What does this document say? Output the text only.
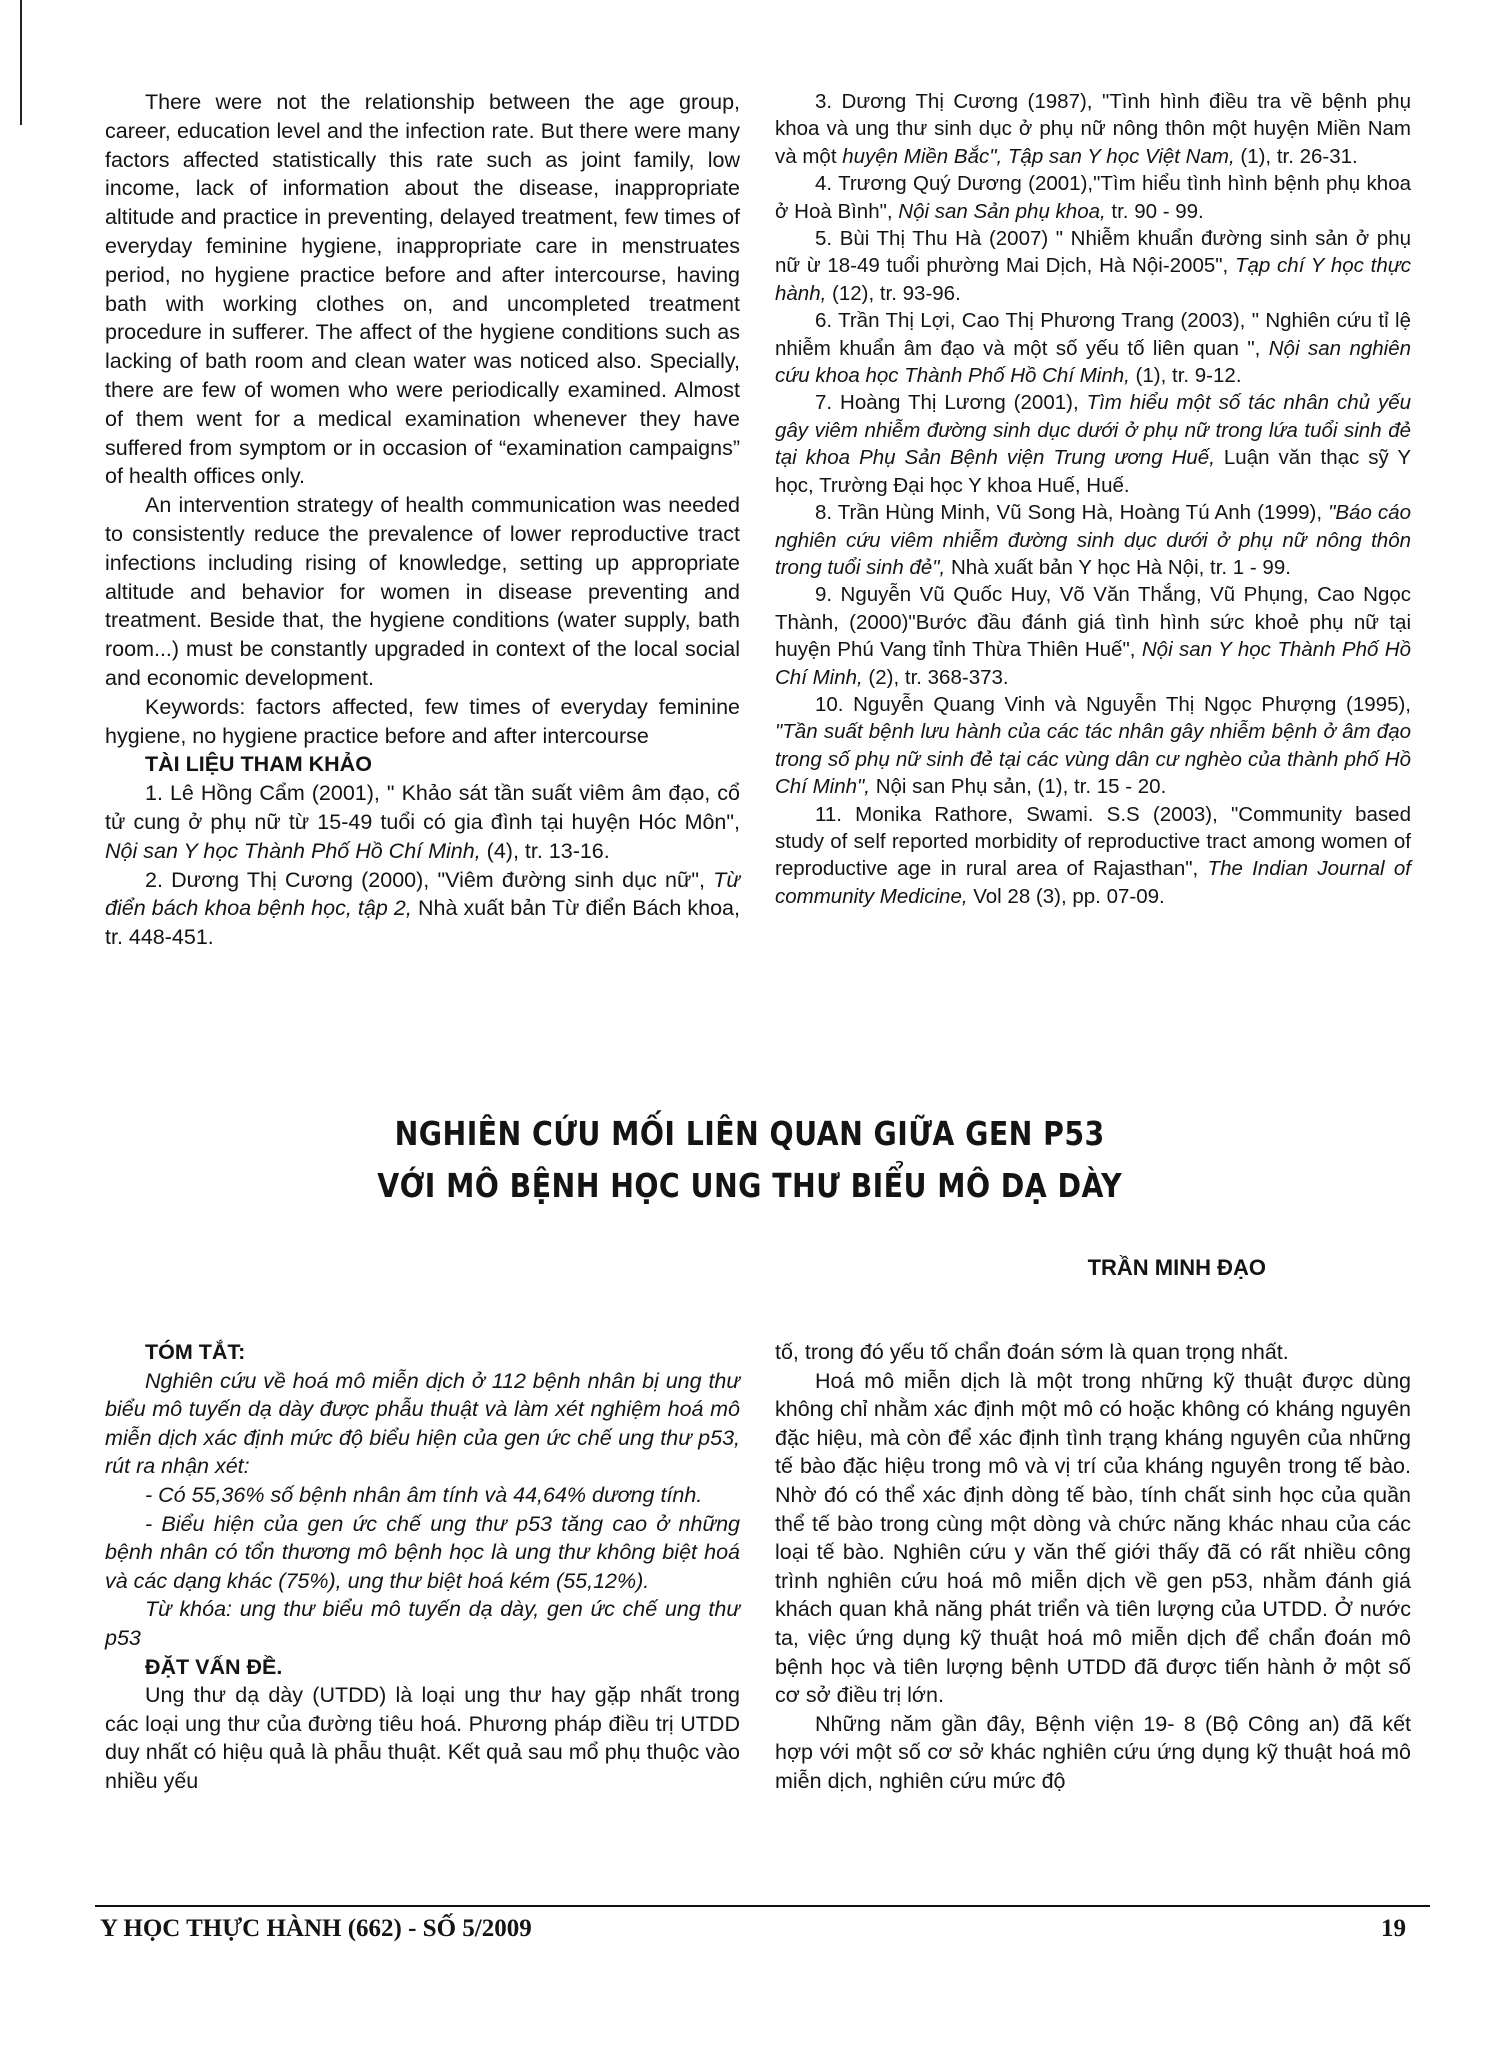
There were not the relationship between the age group, career, education level and the infection rate. But there were many factors affected statistically this rate such as joint family, low income, lack of information about the disease, inappropriate altitude and practice in preventing, delayed treatment, few times of everyday feminine hygiene, inappropriate care in menstruates period, no hygiene practice before and after intercourse, having bath with working clothes on, and uncompleted treatment procedure in sufferer. The affect of the hygiene conditions such as lacking of bath room and clean water was noticed also. Specially, there are few of women who were periodically examined. Almost of them went for a medical examination whenever they have suffered from symptom or in occasion of “examination campaigns” of health offices only.

An intervention strategy of health communication was needed to consistently reduce the prevalence of lower reproductive tract infections including rising of knowledge, setting up appropriate altitude and behavior for women in disease preventing and treatment. Beside that, the hygiene conditions (water supply, bath room...) must be constantly upgraded in context of the local social and economic development.

Keywords: factors affected, few times of everyday feminine hygiene, no hygiene practice before and after intercourse

TÀI LIỆU THAM KHẢO

1. Lê Hồng Cẩm (2001), " Khảo sát tần suất viêm âm đạo, cổ tử cung ở phụ nữ từ 15-49 tuổi có gia đình tại huyện Hóc Môn", Nội san Y học Thành Phố Hồ Chí Minh, (4), tr. 13-16.

2. Dương Thị Cương (2000), "Viêm đường sinh dục nữ", Từ điển bách khoa bệnh học, tập 2, Nhà xuất bản Từ điển Bách khoa, tr. 448-451.

3. Dương Thị Cương (1987), "Tình hình điều tra về bệnh phụ khoa và ung thư sinh dục ở phụ nữ nông thôn một huyện Miền Nam và một huyện Miền Bắc", Tập san Y học Việt Nam, (1), tr. 26-31.

4. Trương Quý Dương (2001),"Tìm hiểu tình hình bệnh phụ khoa ở Hoà Bình", Nội san Sản phụ khoa, tr. 90 - 99.

5. Bùi Thị Thu Hà (2007) " Nhiễm khuẩn đường sinh sản ở phụ nữ ừ 18-49 tuổi phường Mai Dịch, Hà Nội-2005", Tạp chí Y học thực hành, (12), tr. 93-96.

6. Trần Thị Lợi, Cao Thị Phương Trang (2003), " Nghiên cứu tỉ lệ nhiễm khuẩn âm đạo và một số yếu tố liên quan ", Nội san nghiên cứu khoa học Thành Phố Hồ Chí Minh, (1), tr. 9-12.

7. Hoàng Thị Lương (2001), Tìm hiểu một số tác nhân chủ yếu gây viêm nhiễm đường sinh dục dưới ở phụ nữ trong lứa tuổi sinh đẻ tại khoa Phụ Sản Bệnh viện Trung ương Huế, Luận văn thạc sỹ Y học, Trường Đại học Y khoa Huế, Huế.

8. Trần Hùng Minh, Vũ Song Hà, Hoàng Tú Anh (1999), "Báo cáo nghiên cứu viêm nhiễm đường sinh dục dưới ở phụ nữ nông thôn trong tuổi sinh đẻ", Nhà xuất bản Y học Hà Nội, tr. 1 - 99.

9. Nguyễn Vũ Quốc Huy, Võ Văn Thắng, Vũ Phụng, Cao Ngọc Thành, (2000)"Bước đầu đánh giá tình hình sức khoẻ phụ nữ tại huyện Phú Vang tỉnh Thừa Thiên Huế", Nội san Y học Thành Phố Hồ Chí Minh, (2), tr. 368-373.

10. Nguyễn Quang Vinh và Nguyễn Thị Ngọc Phượng (1995), "Tần suất bệnh lưu hành của các tác nhân gây nhiễm bệnh ở âm đạo trong số phụ nữ sinh đẻ tại các vùng dân cư nghèo của thành phố Hồ Chí Minh", Nội san Phụ sản, (1), tr. 15 - 20.

11. Monika Rathore, Swami. S.S (2003), "Community based study of self reported morbidity of reproductive tract among women of reproductive age in rural area of Rajasthan", The Indian Journal of community Medicine, Vol 28 (3), pp. 07-09.

NGHIÊN CỨU MỐI LIÊN QUAN GIỮA GEN P53
VỚI MÔ BỆNH HỌC UNG THƯ BIỂU MÔ DẠ DÀY
TRẦN MINH ĐẠO

TÓM TẮT:

Nghiên cứu về hoá mô miễn dịch ở 112 bệnh nhân bị ung thư biểu mô tuyến dạ dày được phẫu thuật và làm xét nghiệm hoá mô miễn dịch xác định mức độ biểu hiện của gen ức chế ung thư p53, rút ra nhận xét:

- Có 55,36% số bệnh nhân âm tính và 44,64% dương tính.

- Biểu hiện của gen ức chế ung thư p53 tăng cao ở những bệnh nhân có tổn thương mô bệnh học là ung thư không biệt hoá và các dạng khác (75%), ung thư biệt hoá kém (55,12%).

Từ khóa: ung thư biểu mô tuyến dạ dày, gen ức chế ung thư p53

ĐẶT VẤN ĐỀ.

Ung thư dạ dày (UTDD) là loại ung thư hay gặp nhất trong các loại ung thư của đường tiêu hoá. Phương pháp điều trị UTDD duy nhất có hiệu quả là phẫu thuật. Kết quả sau mổ phụ thuộc vào nhiều yếu

tố, trong đó yếu tố chẩn đoán sớm là quan trọng nhất.

Hoá mô miễn dịch là một trong những kỹ thuật được dùng không chỉ nhằm xác định một mô có hoặc không có kháng nguyên đặc hiệu, mà còn để xác định tình trạng kháng nguyên của những tế bào đặc hiệu trong mô và vị trí của kháng nguyên trong tế bào. Nhờ đó có thể xác định dòng tế bào, tính chất sinh học của quần thể tế bào trong cùng một dòng và chức năng khác nhau của các loại tế bào. Nghiên cứu y văn thế giới thấy đã có rất nhiều công trình nghiên cứu hoá mô miễn dịch về gen p53, nhằm đánh giá khách quan khả năng phát triển và tiên lượng của UTDD. Ở nước ta, việc ứng dụng kỹ thuật hoá mô miễn dịch để chẩn đoán mô bệnh học và tiên lượng bệnh UTDD đã được tiến hành ở một số cơ sở điều trị lớn.

Những năm gần đây, Bệnh viện 19- 8 (Bộ Công an) đã kết hợp với một số cơ sở khác nghiên cứu ứng dụng kỹ thuật hoá mô miễn dịch, nghiên cứu mức độ

Y HỌC THỰC HÀNH (662) - SỐ 5/2009	19
